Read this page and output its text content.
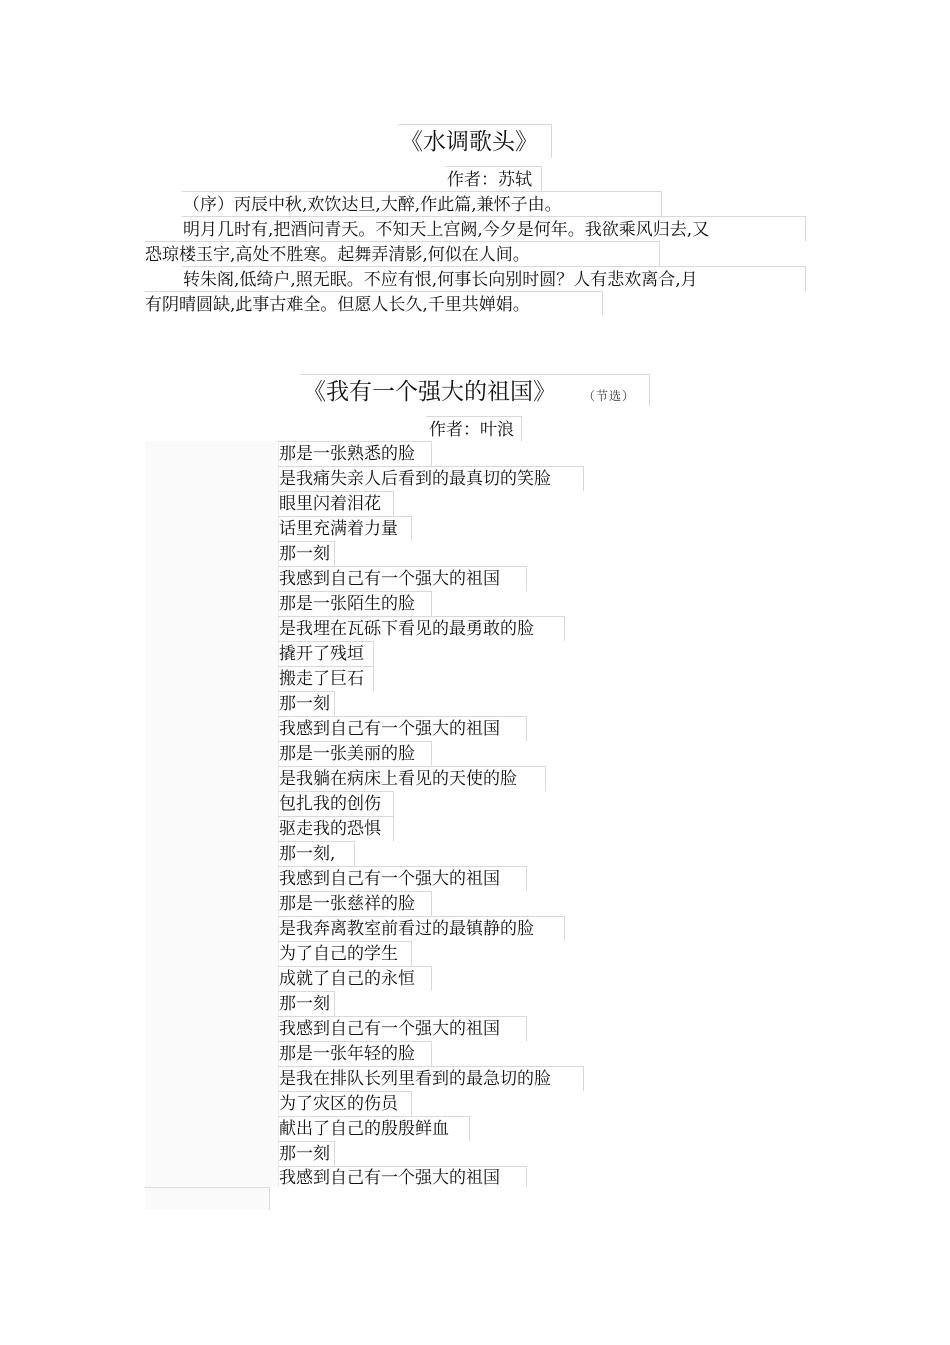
《水调歌头》
作者：苏轼
（序）丙辰中秋,欢饮达旦,大醉,作此篇,兼怀子由。
明月几时有,把酒问青天。不知天上宫阙,今夕是何年。我欲乘风归去,又
恐琼楼玉宇,高处不胜寒。起舞弄清影,何似在人间。
转朱阁,低绮户,照无眠。不应有恨,何事长向别时圆？人有悲欢离合,月
有阴晴圆缺,此事古难全。但愿人长久,千里共婵娟。
《我有一个强大的祖国》 （节选）
作者：叶浪
那是一张熟悉的脸
是我痛失亲人后看到的最真切的笑脸
眼里闪着泪花
话里充满着力量
那一刻
我感到自己有一个强大的祖国
那是一张陌生的脸
是我埋在瓦砾下看见的最勇敢的脸
撬开了残垣
搬走了巨石
那一刻
我感到自己有一个强大的祖国
那是一张美丽的脸
是我躺在病床上看见的天使的脸
包扎我的创伤
驱走我的恐惧
那一刻,
我感到自己有一个强大的祖国
那是一张慈祥的脸
是我奔离教室前看过的最镇静的脸
为了自己的学生
成就了自己的永恒
那一刻
我感到自己有一个强大的祖国
那是一张年轻的脸
是我在排队长列里看到的最急切的脸
为了灾区的伤员
献出了自己的殷殷鲜血
那一刻
我感到自己有一个强大的祖国
